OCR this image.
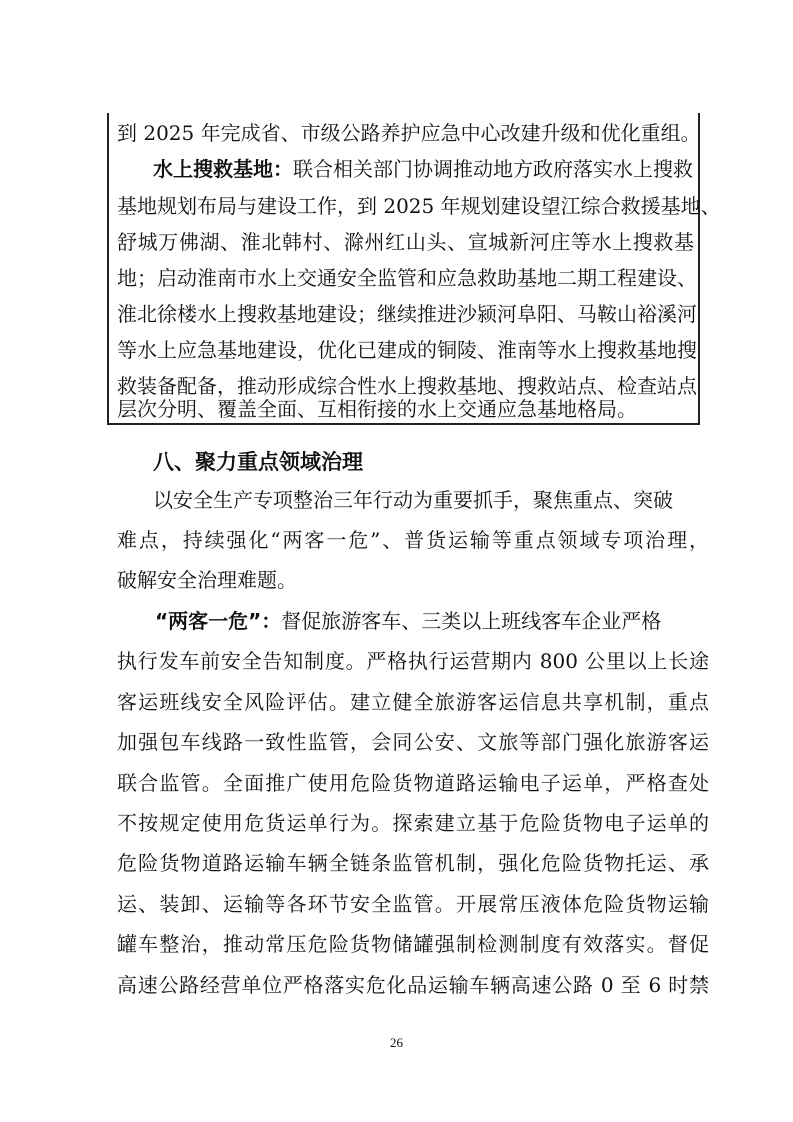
到 2025 年完成省、市级公路养护应急中心改建升级和优化重组。
水上搜救基地：联合相关部门协调推动地方政府落实水上搜救
基地规划布局与建设工作，到 2025 年规划建设望江综合救援基地、
舒城万佛湖、淮北韩村、滁州红山头、宣城新河庄等水上搜救基
地；启动淮南市水上交通安全监管和应急救助基地二期工程建设、
淮北徐楼水上搜救基地建设；继续推进沙颍河阜阳、马鞍山裕溪河
等水上应急基地建设，优化已建成的铜陵、淮南等水上搜救基地搜
救装备配备，推动形成综合性水上搜救基地、搜救站点、检查站点
层次分明、覆盖全面、互相衔接的水上交通应急基地格局。
八、聚力重点领域治理
以安全生产专项整治三年行动为重要抓手，聚焦重点、突破
难点，持续强化“两客一危”、普货运输等重点领域专项治理，
破解安全治理难题。
“两客一危”：督促旅游客车、三类以上班线客车企业严格
执行发车前安全告知制度。严格执行运营期内 800 公里以上长途
客运班线安全风险评估。建立健全旅游客运信息共享机制，重点
加强包车线路一致性监管，会同公安、文旅等部门强化旅游客运
联合监管。全面推广使用危险货物道路运输电子运单，严格查处
不按规定使用危货运单行为。探索建立基于危险货物电子运单的
危险货物道路运输车辆全链条监管机制，强化危险货物托运、承
运、装卸、运输等各环节安全监管。开展常压液体危险货物运输
罐车整治，推动常压危险货物储罐强制检测制度有效落实。督促
高速公路经营单位严格落实危化品运输车辆高速公路 0 至 6 时禁
26
